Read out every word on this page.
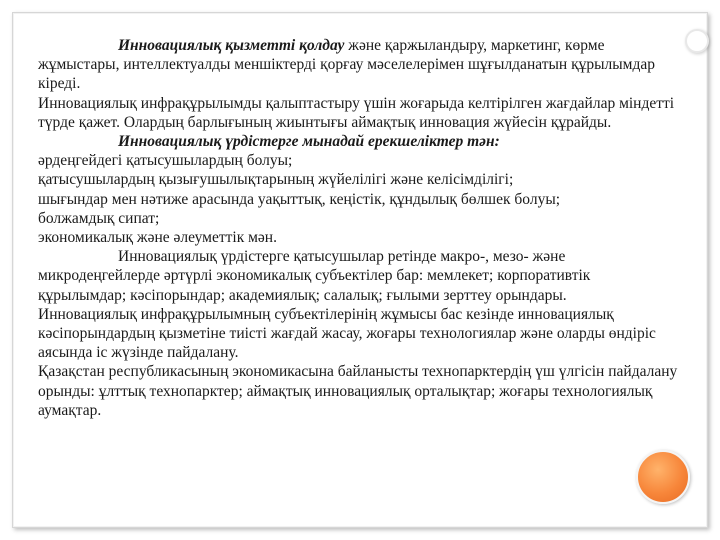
Инновациялық қызметті қолдау және қаржыландыру, маркетинг, көрме жұмыстары, интеллектуалды меншіктерді қорғау мәселелерімен шұғылданатын құрылымдар кіреді.

Инновациялық инфрақұрылымды қалыптастыру үшін жоғарыда келтірілген жағдайлар міндетті түрде қажет. Олардың барлығының жиынтығы аймақтық инновация жүйесін құрайды.

Инновациялық үрдістерге мынадай ерекшеліктер тән:

әрдеңгейдегі қатысушылардың болуы;

қатысушылардың қызығушылықтарының жүйелілігі және келісімділігі;

шығындар мен нәтиже арасында уақыттық, кеңістік, құндылық бөлшек болуы;

болжамдық сипат;

экономикалық және әлеуметтік мән.

Инновациялық үрдістерге қатысушылар ретінде макро-, мезо- және микродеңгейлерде әртүрлі экономикалық субъектілер бар: мемлекет; корпоративтік құрылымдар; кәсіпорындар; академиялық; салалық; ғылыми зерттеу орындары.

Инновациялық инфрақұрылымның субъектілерінің жұмысы бас кезінде инновациялық кәсіпорындардың қызметіне тиісті жағдай жасау, жоғары технологиялар және оларды өндіріс аясында іс жүзінде пайдалану.

Қазақстан республикасының экономикасына байланысты технопарктердің үш үлгісін пайдалану орынды: ұлттық технопарктер; аймақтық инновациялық орталықтар; жоғары технологиялық аумақтар.
